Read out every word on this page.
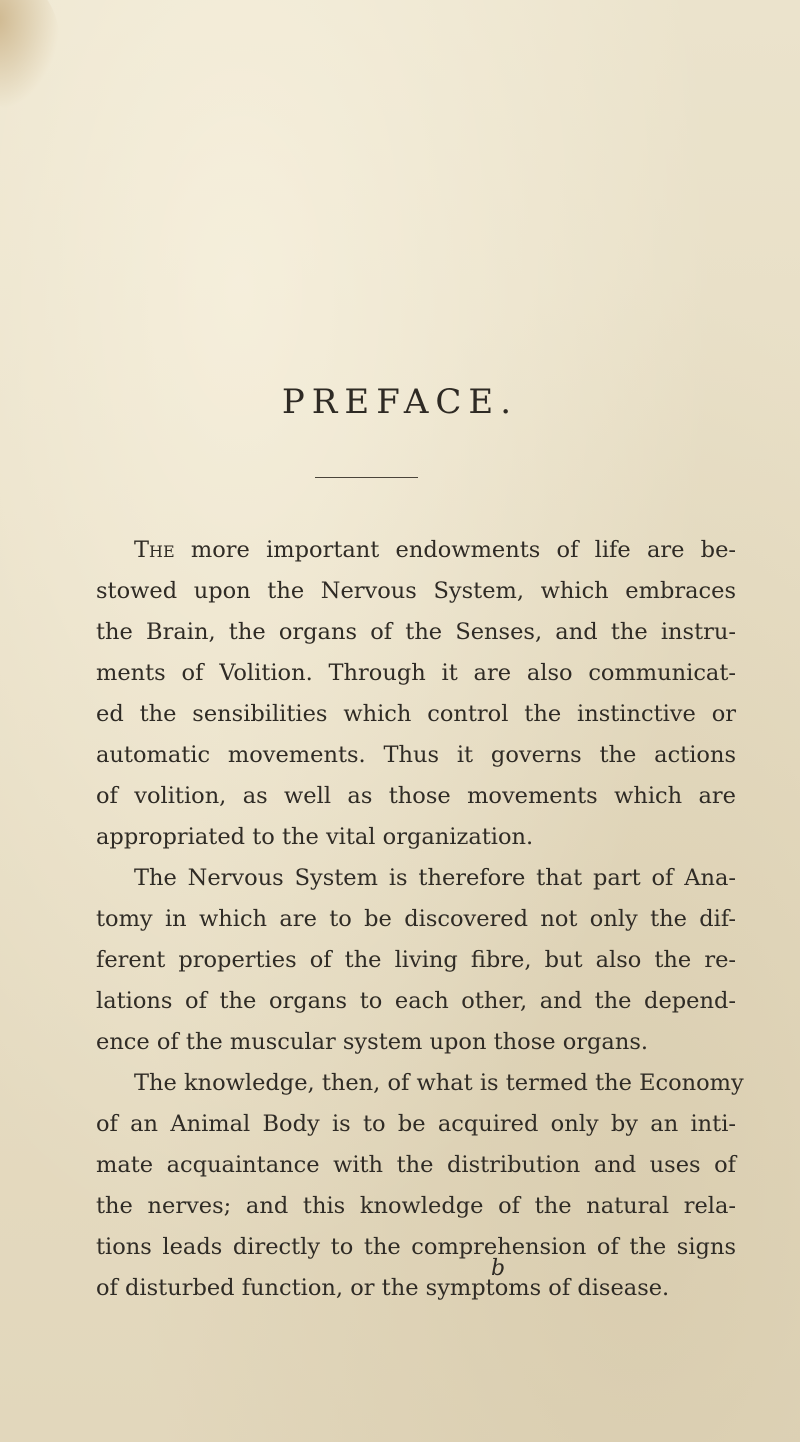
PREFACE.
The more important endowments of life are be-
stowed upon the Nervous System, which embraces
the Brain, the organs of the Senses, and the instru-
ments of Volition. Through it are also communicat-
ed the sensibilities which control the instinctive or
automatic movements. Thus it governs the actions
of volition, as well as those movements which are
appropriated to the vital organization.
The Nervous System is therefore that part of Ana-
tomy in which are to be discovered not only the dif-
ferent properties of the living fibre, but also the re-
lations of the organs to each other, and the depend-
ence of the muscular system upon those organs.
The knowledge, then, of what is termed the Economy
of an Animal Body is to be acquired only by an inti-
mate acquaintance with the distribution and uses of
the nerves; and this knowledge of the natural rela-
tions leads directly to the comprehension of the signs
of disturbed function, or the symptoms of disease.
b
